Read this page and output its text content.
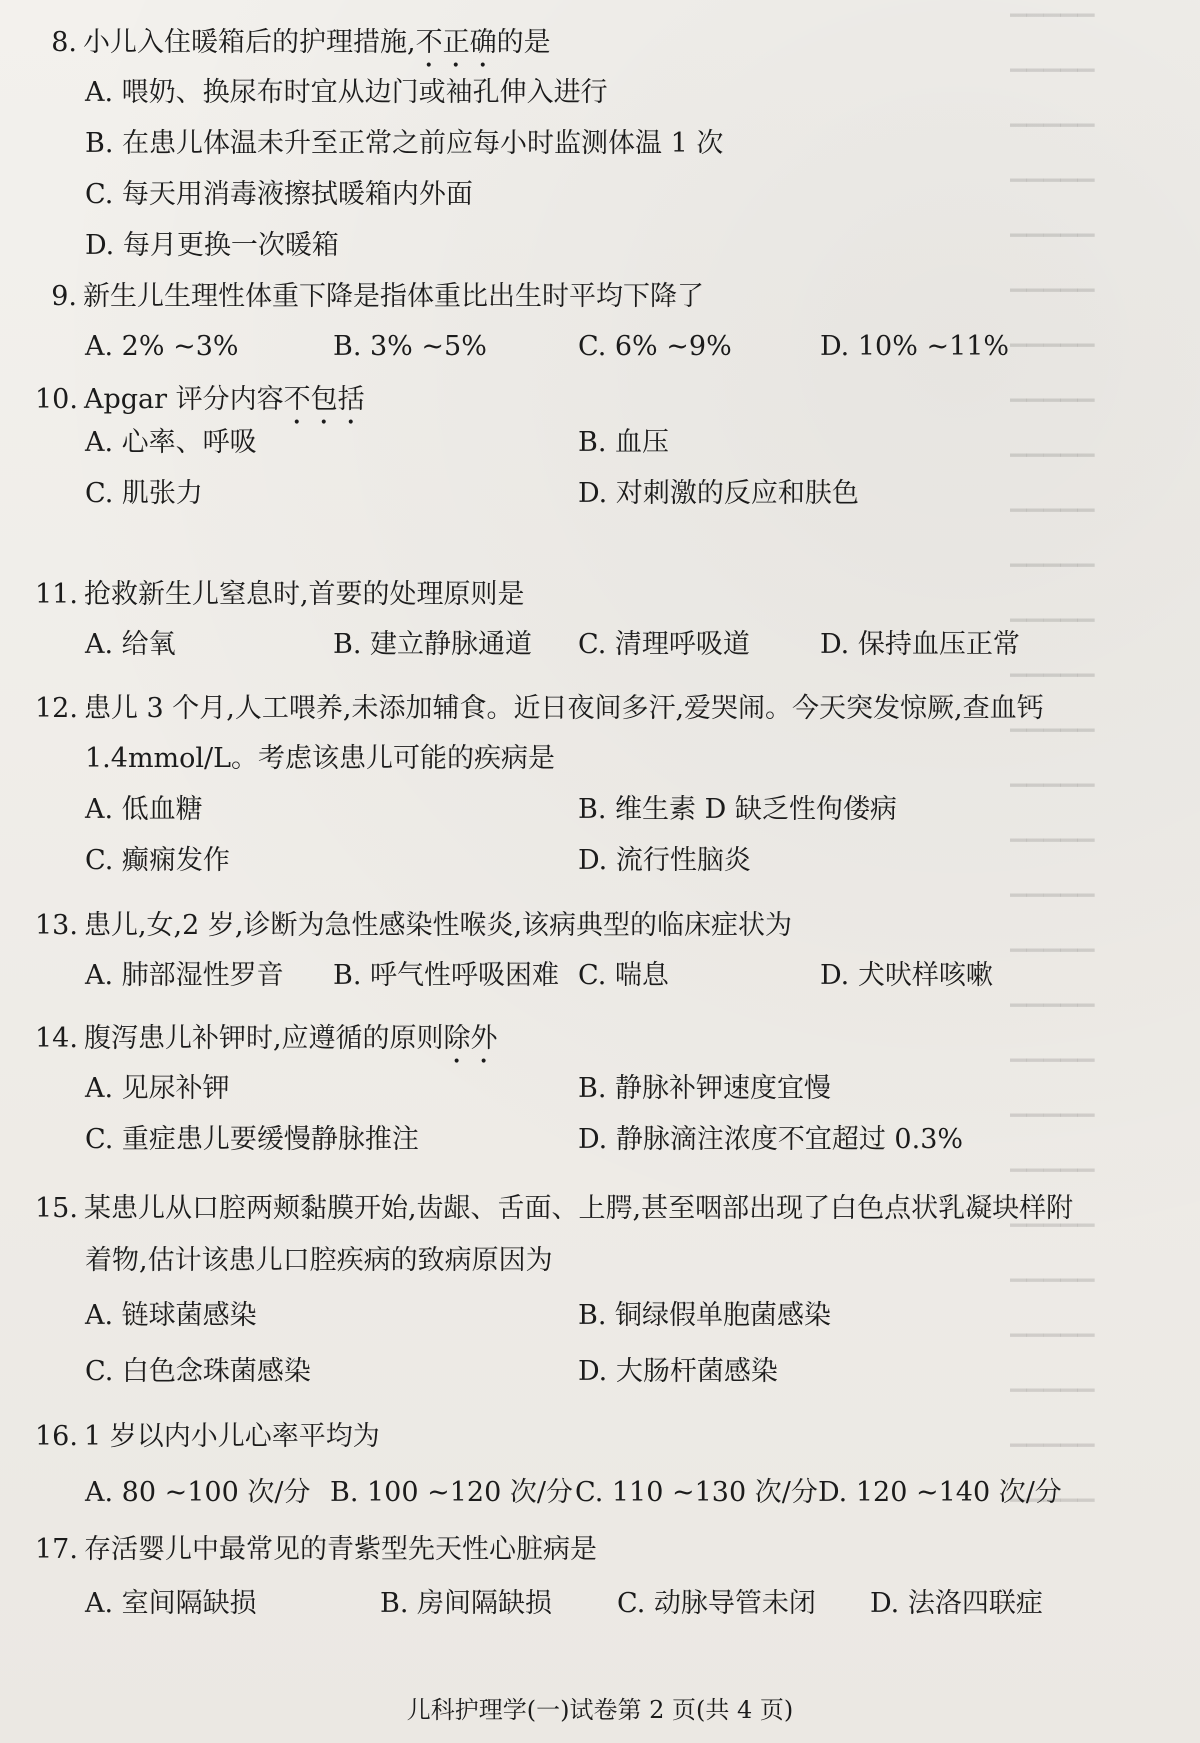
▔▔▔▔▔
▔▔▔▔▔
▔▔▔▔▔
▔▔▔▔▔
▔▔▔▔▔
▔▔▔▔▔
▔▔▔▔▔
▔▔▔▔▔
▔▔▔▔▔
▔▔▔▔▔
▔▔▔▔▔
▔▔▔▔▔
▔▔▔▔▔
▔▔▔▔▔
▔▔▔▔▔
▔▔▔▔▔
▔▔▔▔▔
▔▔▔▔▔
▔▔▔▔▔
▔▔▔▔▔
▔▔▔▔▔
▔▔▔▔▔
▔▔▔▔▔
▔▔▔▔▔
▔▔▔▔▔
▔▔▔▔▔
▔▔▔▔▔
▔▔▔▔▔
8. 小儿入住暖箱后的护理措施,不正确的是
A. 喂奶、换尿布时宜从边门或袖孔伸入进行
B. 在患儿体温未升至正常之前应每小时监测体温 1 次
C. 每天用消毒液擦拭暖箱内外面
D. 每月更换一次暖箱
9. 新生儿生理性体重下降是指体重比出生时平均下降了
A. 2% ~3%	B. 3% ~5%	C. 6% ~9%	D. 10% ~11%
10. Apgar 评分内容不包括
A. 心率、呼吸	B. 血压
C. 肌张力	D. 对刺激的反应和肤色
11. 抢救新生儿窒息时,首要的处理原则是
A. 给氧	B. 建立静脉通道 C. 清理呼吸道	D. 保持血压正常
12. 患儿 3 个月,人工喂养,未添加辅食。近日夜间多汗,爱哭闹。今天突发惊厥,查血钙
1.4mmol/L。考虑该患儿可能的疾病是
A. 低血糖	B. 维生素 D 缺乏性佝偻病
C. 癫痫发作	D. 流行性脑炎
13. 患儿,女,2 岁,诊断为急性感染性喉炎,该病典型的临床症状为
A. 肺部湿性罗音 B. 呼气性呼吸困难 C. 喘息	D. 犬吠样咳嗽
14. 腹泻患儿补钾时,应遵循的原则除外
A. 见尿补钾	B. 静脉补钾速度宜慢
C. 重症患儿要缓慢静脉推注	D. 静脉滴注浓度不宜超过 0.3%
15. 某患儿从口腔两颊黏膜开始,齿龈、舌面、上腭,甚至咽部出现了白色点状乳凝块样附
着物,估计该患儿口腔疾病的致病原因为
A. 链球菌感染	B. 铜绿假单胞菌感染
C. 白色念珠菌感染	D. 大肠杆菌感染
16. 1 岁以内小儿心率平均为
A. 80 ~100 次/分 B. 100 ~120 次/分 C. 110 ~130 次/分 D. 120 ~140 次/分
17. 存活婴儿中最常见的青紫型先天性心脏病是
A. 室间隔缺损	B. 房间隔缺损 C. 动脉导管未闭 D. 法洛四联症
儿科护理学(一)试卷第 2 页(共 4 页)
